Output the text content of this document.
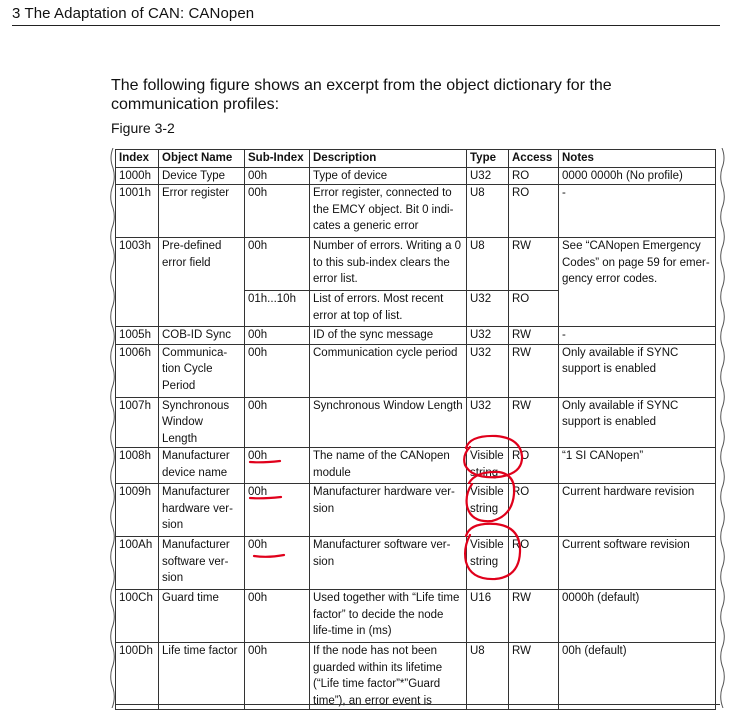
3 The Adaptation of CAN: CANopen
The following figure shows an excerpt from the object dictionary for the communication profiles:
Figure 3-2
Index	Object Name	Sub-Index	Description	Type	Access	Notes
1000h	Device Type	00h	Type of device	U32	RO	0000 0000h (No profile)
1001h	Error register	00h	Error register, connected to the EMCY object. Bit 0 indi-cates a generic error	U8	RO	-
1003h	Pre-defined error field	00h	Number of errors. Writing a 0 to this sub-index clears the error list.	U8	RW	See “CANopen Emergency Codes” on page 59 for emer-gency error codes.
		01h...10h	List of errors. Most recent error at top of list.	U32	RO	
1005h	COB-ID Sync	00h	ID of the sync message	U32	RW	-
1006h	Communica-tion Cycle Period	00h	Communication cycle period	U32	RW	Only available if SYNC support is enabled
1007h	Synchronous Window Length	00h	Synchronous Window Length	U32	RW	Only available if SYNC support is enabled
1008h	Manufacturer device name	00h	The name of the CANopen module	Visible string	RO	“1 SI CANopen”
1009h	Manufacturer hardware ver-sion	00h	Manufacturer hardware ver-sion	Visible string	RO	Current hardware revision
100Ah	Manufacturer software ver-sion	00h	Manufacturer software ver-sion	Visible string	RO	Current software revision
100Ch	Guard time	00h	Used together with “Life time factor” to decide the node life-time in (ms)	U16	RW	0000h (default)
100Dh	Life time factor	00h	If the node has not been guarded within its lifetime (“Life time factor”*”Guard time”), an error event is	U8	RW	00h (default)
